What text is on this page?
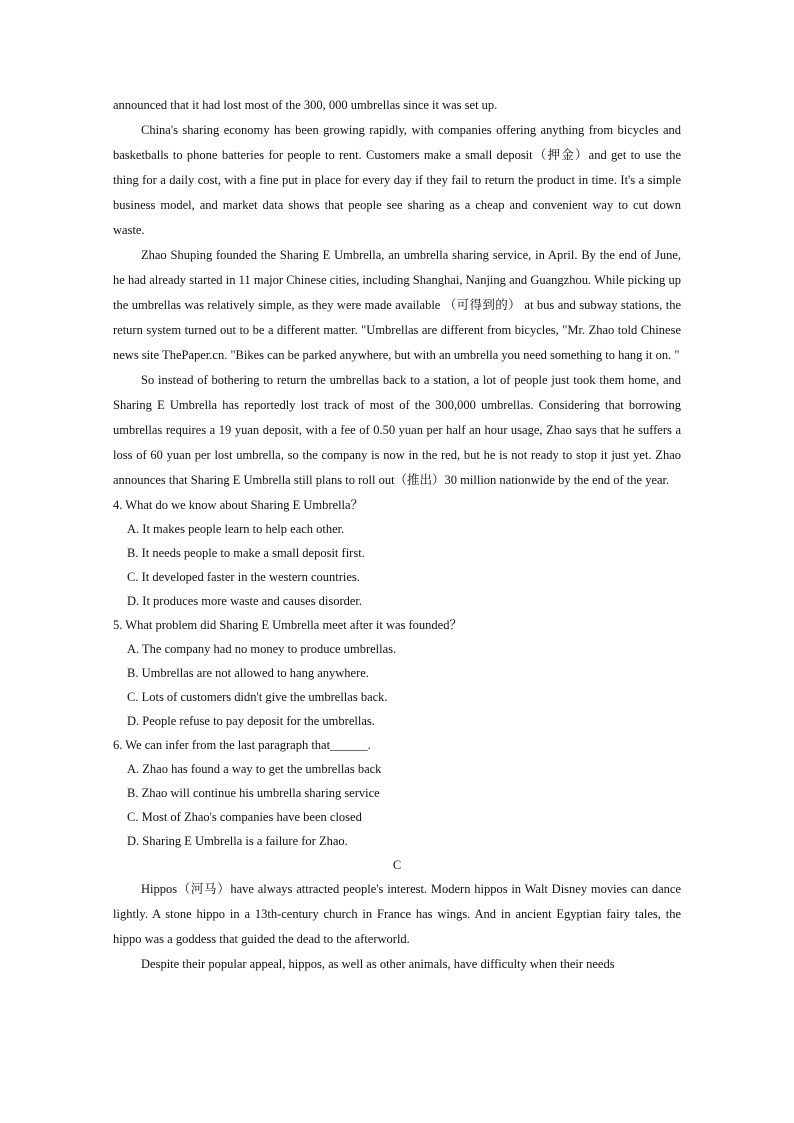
announced that it had lost most of the 300, 000 umbrellas since it was set up.

China's sharing economy has been growing rapidly, with companies offering anything from bicycles and basketballs to phone batteries for people to rent. Customers make a small deposit（押金）and get to use the thing for a daily cost, with a fine put in place for every day if they fail to return the product in time. It's a simple business model, and market data shows that people see sharing as a cheap and convenient way to cut down waste.

Zhao Shuping founded the Sharing E Umbrella, an umbrella sharing service, in April. By the end of June, he had already started in 11 major Chinese cities, including Shanghai, Nanjing and Guangzhou. While picking up the umbrellas was relatively simple, as they were made available （可得到的） at bus and subway stations, the return system turned out to be a different matter. "Umbrellas are different from bicycles, "Mr. Zhao told Chinese news site ThePaper.cn. "Bikes can be parked anywhere, but with an umbrella you need something to hang it on. "

So instead of bothering to return the umbrellas back to a station, a lot of people just took them home, and Sharing E Umbrella has reportedly lost track of most of the 300,000 umbrellas. Considering that borrowing umbrellas requires a 19 yuan deposit, with a fee of 0.50 yuan per half an hour usage, Zhao says that he suffers a loss of 60 yuan per lost umbrella, so the company is now in the red, but he is not ready to stop it just yet. Zhao announces that Sharing E Umbrella still plans to roll out（推出）30 million nationwide by the end of the year.

4. What do we know about Sharing E Umbrella？

A. It makes people learn to help each other.
B. It needs people to make a small deposit first.
C. It developed faster in the western countries.
D. It produces more waste and causes disorder.

5. What problem did Sharing E Umbrella meet after it was founded？

A. The company had no money to produce umbrellas.
B. Umbrellas are not allowed to hang anywhere.
C. Lots of customers didn't give the umbrellas back.
D. People refuse to pay deposit for the umbrellas.

6. We can infer from the last paragraph that______.

A. Zhao has found a way to get the umbrellas back
B. Zhao will continue his umbrella sharing service
C. Most of Zhao's companies have been closed
D. Sharing E Umbrella is a failure for Zhao.

C

Hippos（河马）have always attracted people's interest. Modern hippos in Walt Disney movies can dance lightly. A stone hippo in a 13th-century church in France has wings. And in ancient Egyptian fairy tales, the hippo was a goddess that guided the dead to the afterworld.

Despite their popular appeal, hippos, as well as other animals, have difficulty when their needs
